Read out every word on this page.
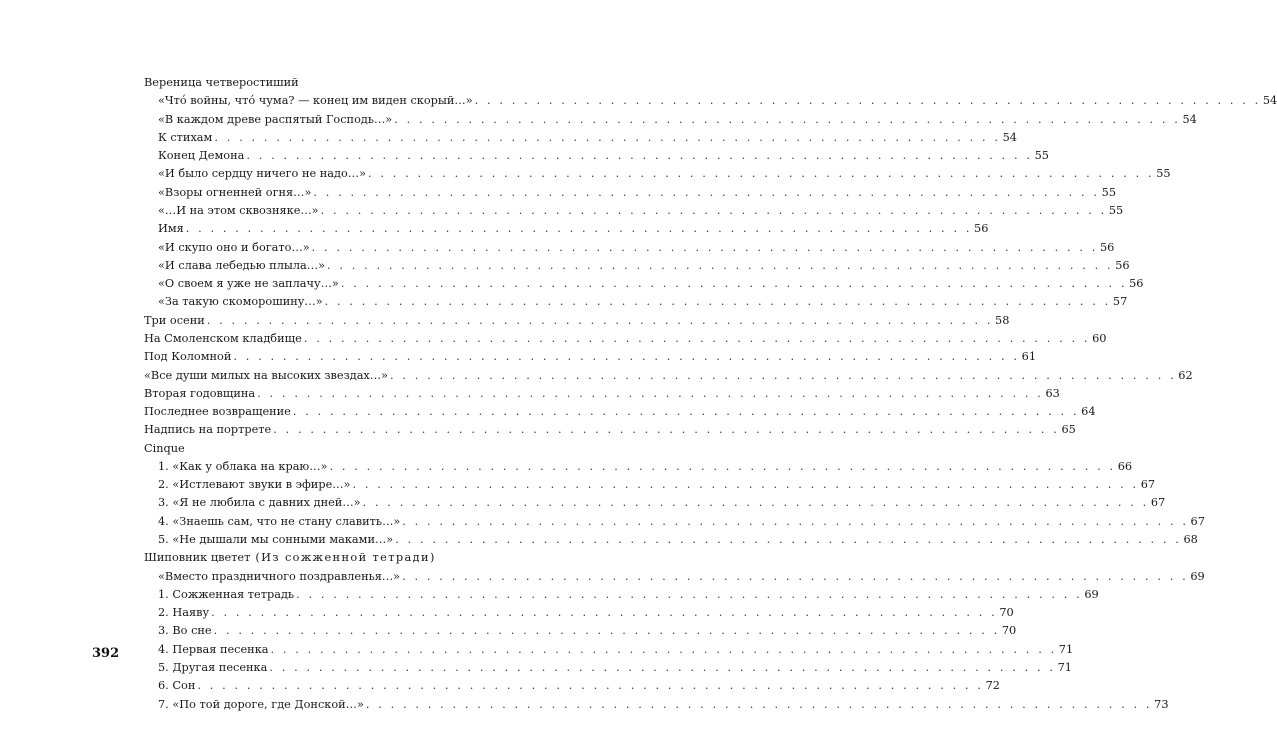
Вереница четверостиший
«Чтó войны, чтó чума? — конец им виден скорый…» . . . . . . . . . . . . . . . . . . . . . . . . . . . . . . . . . . . . . . . . . . . . . . . . . . . . . . . . . . . . . . . . 54
«В каждом древе распятый Господь…» . . . . . . . . . . . . . . . . . . . . . . . . . . . . . . . . . . . . . . . . . . . . . . . . . . . . . . . . . . . . . . . . 54
К стихам . . . . . . . . . . . . . . . . . . . . . . . . . . . . . . . . . . . . . . . . . . . . . . . . . . . . . . . . . . . . . . . . 54
Конец Демона . . . . . . . . . . . . . . . . . . . . . . . . . . . . . . . . . . . . . . . . . . . . . . . . . . . . . . . . . . . . . . . . 55
«И было сердцу ничего не надо…» . . . . . . . . . . . . . . . . . . . . . . . . . . . . . . . . . . . . . . . . . . . . . . . . . . . . . . . . . . . . . . . . 55
«Взоры огненней огня…» . . . . . . . . . . . . . . . . . . . . . . . . . . . . . . . . . . . . . . . . . . . . . . . . . . . . . . . . . . . . . . . . 55
«…И на этом сквозняке…» . . . . . . . . . . . . . . . . . . . . . . . . . . . . . . . . . . . . . . . . . . . . . . . . . . . . . . . . . . . . . . . . 55
Имя . . . . . . . . . . . . . . . . . . . . . . . . . . . . . . . . . . . . . . . . . . . . . . . . . . . . . . . . . . . . . . . . 56
«И скупо оно и богато…» . . . . . . . . . . . . . . . . . . . . . . . . . . . . . . . . . . . . . . . . . . . . . . . . . . . . . . . . . . . . . . . . 56
«И слава лебедью плыла…» . . . . . . . . . . . . . . . . . . . . . . . . . . . . . . . . . . . . . . . . . . . . . . . . . . . . . . . . . . . . . . . . 56
«О своем я уже не заплачу…» . . . . . . . . . . . . . . . . . . . . . . . . . . . . . . . . . . . . . . . . . . . . . . . . . . . . . . . . . . . . . . . . 56
«За такую скоморошину…» . . . . . . . . . . . . . . . . . . . . . . . . . . . . . . . . . . . . . . . . . . . . . . . . . . . . . . . . . . . . . . . . 57
Три осени . . . . . . . . . . . . . . . . . . . . . . . . . . . . . . . . . . . . . . . . . . . . . . . . . . . . . . . . . . . . . . . . 58
На Смоленском кладбище . . . . . . . . . . . . . . . . . . . . . . . . . . . . . . . . . . . . . . . . . . . . . . . . . . . . . . . . . . . . . . . . 60
Под Коломной . . . . . . . . . . . . . . . . . . . . . . . . . . . . . . . . . . . . . . . . . . . . . . . . . . . . . . . . . . . . . . . . 61
«Все души милых на высоких звездах…» . . . . . . . . . . . . . . . . . . . . . . . . . . . . . . . . . . . . . . . . . . . . . . . . . . . . . . . . . . . . . . . . 62
Вторая годовщина . . . . . . . . . . . . . . . . . . . . . . . . . . . . . . . . . . . . . . . . . . . . . . . . . . . . . . . . . . . . . . . . 63
Последнее возвращение . . . . . . . . . . . . . . . . . . . . . . . . . . . . . . . . . . . . . . . . . . . . . . . . . . . . . . . . . . . . . . . . 64
Надпись на портрете . . . . . . . . . . . . . . . . . . . . . . . . . . . . . . . . . . . . . . . . . . . . . . . . . . . . . . . . . . . . . . . . 65
Cinque
1. «Как у облака на краю…» . . . . . . . . . . . . . . . . . . . . . . . . . . . . . . . . . . . . . . . . . . . . . . . . . . . . . . . . . . . . . . . . 66
2. «Истлевают звуки в эфире…» . . . . . . . . . . . . . . . . . . . . . . . . . . . . . . . . . . . . . . . . . . . . . . . . . . . . . . . . . . . . . . . . 67
3. «Я не любила с давних дней…» . . . . . . . . . . . . . . . . . . . . . . . . . . . . . . . . . . . . . . . . . . . . . . . . . . . . . . . . . . . . . . . . 67
4. «Знаешь сам, что не стану славить…» . . . . . . . . . . . . . . . . . . . . . . . . . . . . . . . . . . . . . . . . . . . . . . . . . . . . . . . . . . . . . . . . 67
5. «Не дышали мы сонными маками…» . . . . . . . . . . . . . . . . . . . . . . . . . . . . . . . . . . . . . . . . . . . . . . . . . . . . . . . . . . . . . . . . 68
Шиповник цветет (Из сожженной тетради)
«Вместо праздничного поздравленья…» . . . . . . . . . . . . . . . . . . . . . . . . . . . . . . . . . . . . . . . . . . . . . . . . . . . . . . . . . . . . . . . . 69
1. Сожженная тетрадь . . . . . . . . . . . . . . . . . . . . . . . . . . . . . . . . . . . . . . . . . . . . . . . . . . . . . . . . . . . . . . . . 69
2. Наяву . . . . . . . . . . . . . . . . . . . . . . . . . . . . . . . . . . . . . . . . . . . . . . . . . . . . . . . . . . . . . . . . 70
3. Во сне . . . . . . . . . . . . . . . . . . . . . . . . . . . . . . . . . . . . . . . . . . . . . . . . . . . . . . . . . . . . . . . . 70
4. Первая песенка . . . . . . . . . . . . . . . . . . . . . . . . . . . . . . . . . . . . . . . . . . . . . . . . . . . . . . . . . . . . . . . . 71
5. Другая песенка . . . . . . . . . . . . . . . . . . . . . . . . . . . . . . . . . . . . . . . . . . . . . . . . . . . . . . . . . . . . . . . . 71
6. Сон . . . . . . . . . . . . . . . . . . . . . . . . . . . . . . . . . . . . . . . . . . . . . . . . . . . . . . . . . . . . . . . . 72
7. «По той дороге, где Донской…» . . . . . . . . . . . . . . . . . . . . . . . . . . . . . . . . . . . . . . . . . . . . . . . . . . . . . . . . . . . . . . . . 73
392
